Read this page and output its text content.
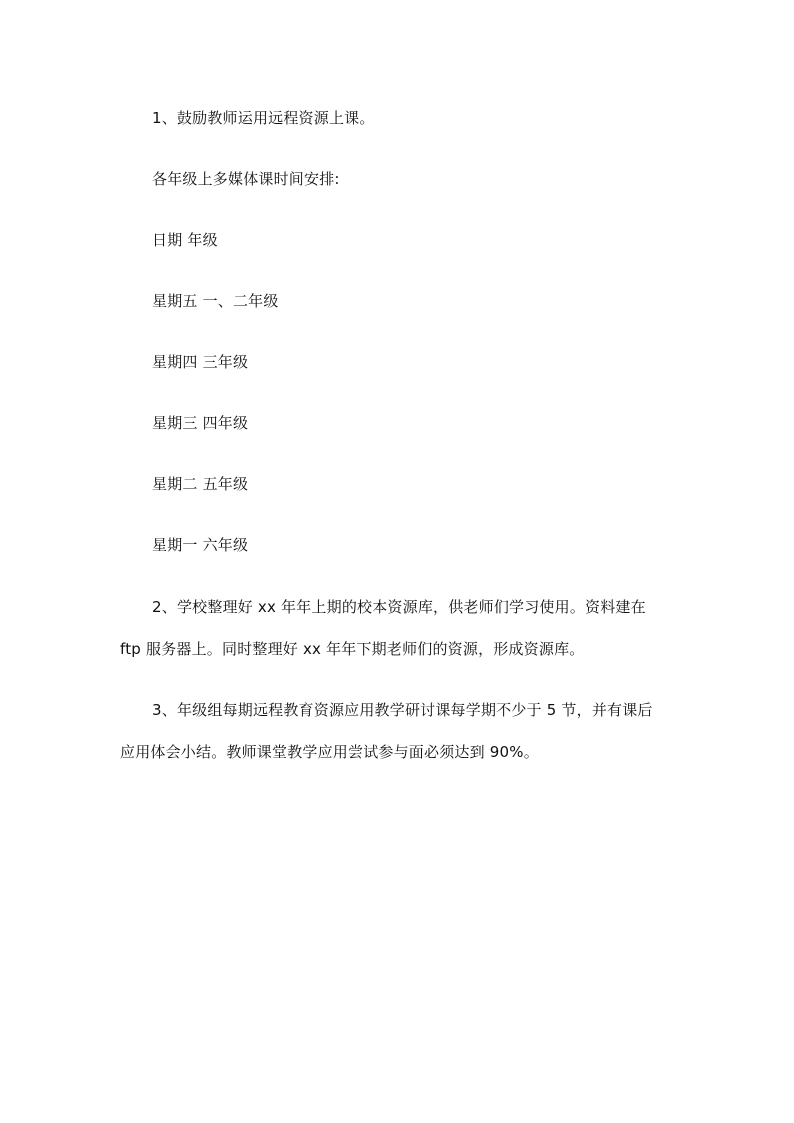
1、鼓励教师运用远程资源上课。
各年级上多媒体课时间安排:
日期 年级
星期五 一、二年级
星期四 三年级
星期三 四年级
星期二 五年级
星期一 六年级
2、学校整理好 xx 年年上期的校本资源库，供老师们学习使用。资料建在
ftp 服务器上。同时整理好 xx 年年下期老师们的资源，形成资源库。
3、年级组每期远程教育资源应用教学研讨课每学期不少于 5 节，并有课后
应用体会小结。教师课堂教学应用尝试参与面必须达到 90%。
